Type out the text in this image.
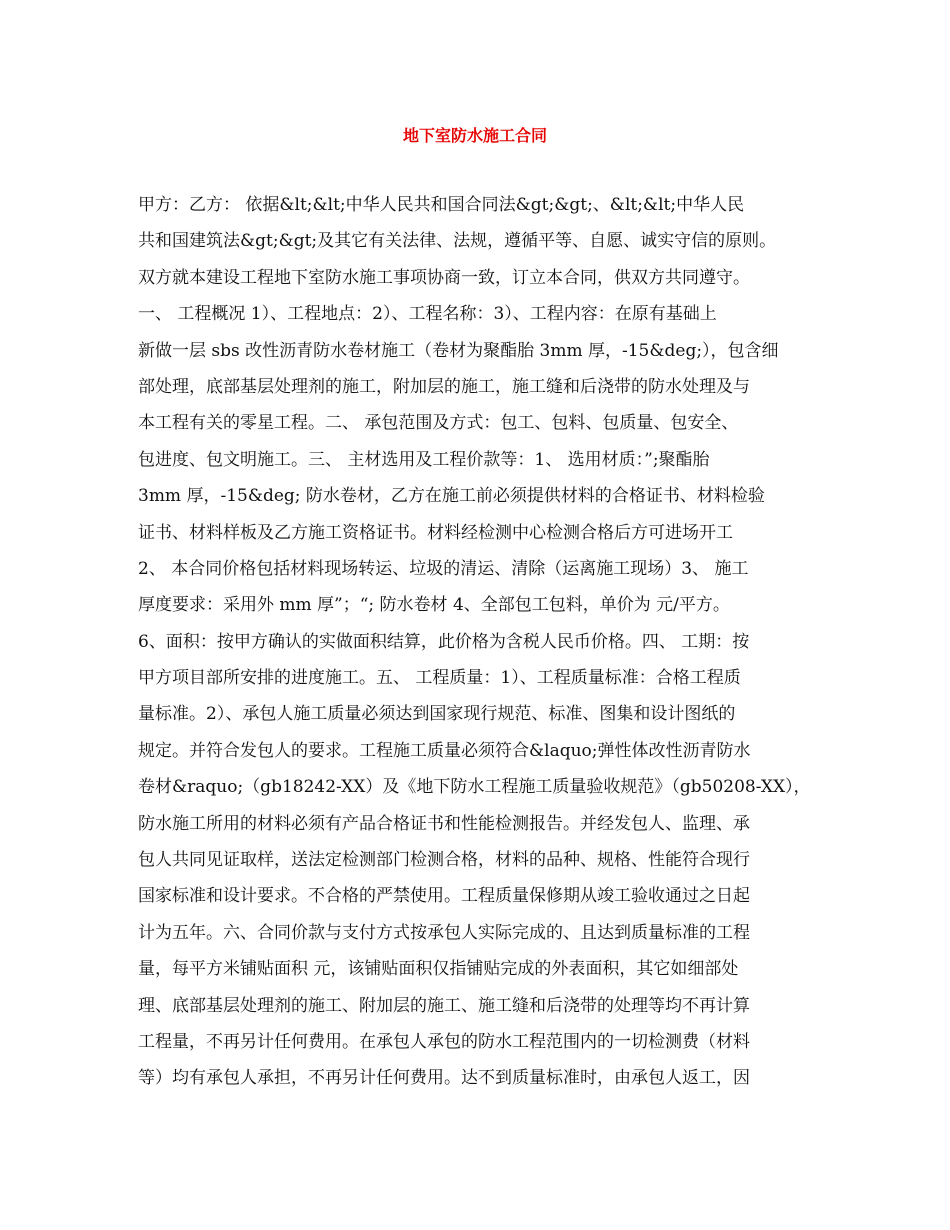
地下室防水施工合同
甲方：乙方： 依据&lt;&lt;中华人民共和国合同法&gt;&gt;、&lt;&lt;中华人民
共和国建筑法&gt;&gt;及其它有关法律、法规，遵循平等、自愿、诚实守信的原则。
双方就本建设工程地下室防水施工事项协商一致，订立本合同，供双方共同遵守。
一、 工程概况 1）、工程地点：2）、工程名称：3）、工程内容：在原有基础上
新做一层 sbs 改性沥青防水卷材施工（卷材为聚酯胎 3mm 厚，-15&deg;），包含细
部处理，底部基层处理剂的施工，附加层的施工，施工缝和后浇带的防水处理及与
本工程有关的零星工程。二、 承包范围及方式：包工、包料、包质量、包安全、
包进度、包文明施工。三、 主材选用及工程价款等：1、 选用材质：”;聚酯胎
3mm 厚，-15&deg; 防水卷材，乙方在施工前必须提供材料的合格证书、材料检验
证书、材料样板及乙方施工资格证书。材料经检测中心检测合格后方可进场开工
2、 本合同价格包括材料现场转运、垃圾的清运、清除（运离施工现场）3、 施工
厚度要求：采用外 mm 厚”；“; 防水卷材 4、全部包工包料，单价为 元/平方。
6、面积：按甲方确认的实做面积结算，此价格为含税人民币价格。四、 工期：按
甲方项目部所安排的进度施工。五、 工程质量：1）、工程质量标准：合格工程质
量标准。2）、承包人施工质量必须达到国家现行规范、标准、图集和设计图纸的
规定。并符合发包人的要求。工程施工质量必须符合&laquo;弹性体改性沥青防水
卷材&raquo;（gb18242-XX）及《地下防水工程施工质量验收规范》（gb50208-XX），
防水施工所用的材料必须有产品合格证书和性能检测报告。并经发包人、监理、承
包人共同见证取样，送法定检测部门检测合格，材料的品种、规格、性能符合现行
国家标准和设计要求。不合格的严禁使用。工程质量保修期从竣工验收通过之日起
计为五年。六、合同价款与支付方式按承包人实际完成的、且达到质量标准的工程
量，每平方米铺贴面积 元，该铺贴面积仅指铺贴完成的外表面积，其它如细部处
理、底部基层处理剂的施工、附加层的施工、施工缝和后浇带的处理等均不再计算
工程量，不再另计任何费用。在承包人承包的防水工程范围内的一切检测费（材料
等）均有承包人承担，不再另计任何费用。达不到质量标准时，由承包人返工，因
